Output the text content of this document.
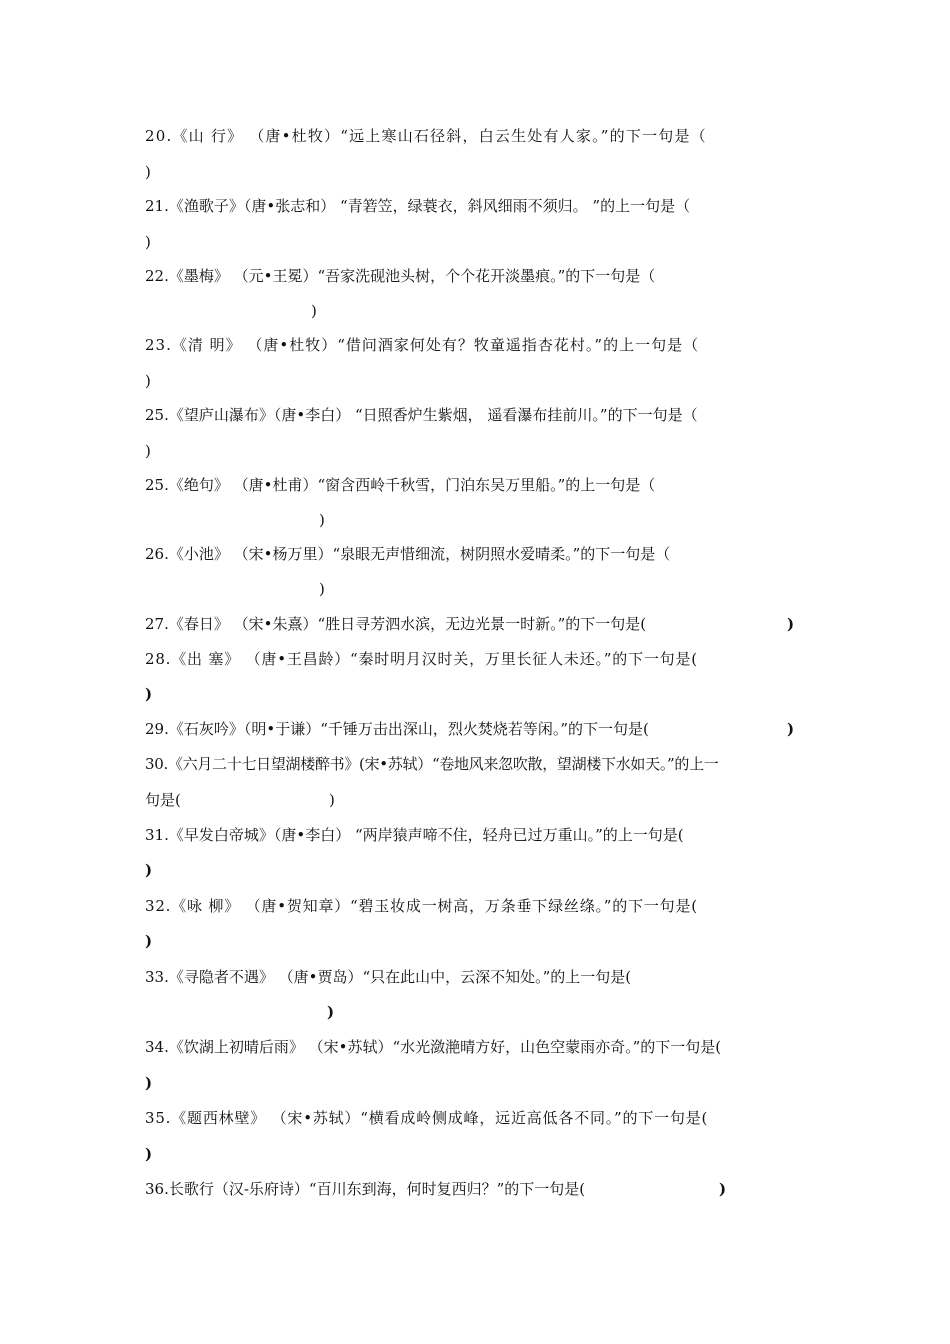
20.《山 行》 （唐•杜牧）“远上寒山石径斜，白云生处有人家。”的下一句是（
)
21.《渔歌子》（唐•张志和） “青箬笠，绿蓑衣，斜风细雨不须归。 ”的上一句是（
)
22.《墨梅》 （元•王冕）“吾家洗砚池头树，个个花开淡墨痕。”的下一句是（
)
23.《清 明》 （唐•杜牧）“借问酒家何处有？牧童遥指杏花村。”的上一句是（
)
25.《望庐山瀑布》（唐•李白） “日照香炉生紫烟， 遥看瀑布挂前川。”的下一句是（
)
25.《绝句》 （唐•杜甫）“窗含西岭千秋雪，门泊东吴万里船。”的上一句是（
)
26.《小池》 （宋•杨万里）“泉眼无声惜细流，树阴照水爱晴柔。”的下一句是（
)
27.《春日》 （宋•朱熹）“胜日寻芳泗水滨，无边光景一时新。”的下一句是(	)
28.《出 塞》 （唐•王昌龄）“秦时明月汉时关，万里长征人未还。”的下一句是(
)
29.《石灰吟》（明•于谦）“千锤万击出深山，烈火焚烧若等闲。”的下一句是(	)
30.《六月二十七日望湖楼醉书》(宋•苏轼）“卷地风来忽吹散，望湖楼下水如天。”的上一
句是(	)
31.《早发白帝城》（唐•李白） “两岸猿声啼不住，轻舟已过万重山。”的上一句是(
)
32.《咏 柳》 （唐•贺知章）“碧玉妆成一树高，万条垂下绿丝绦。”的下一句是(
)
33.《寻隐者不遇》 （唐•贾岛）“只在此山中，云深不知处。”的上一句是(
)
34.《饮湖上初晴后雨》 （宋•苏轼）“水光潋滟晴方好，山色空蒙雨亦奇。”的下一句是(
)
35.《题西林壁》 （宋•苏轼）“横看成岭侧成峰，远近高低各不同。”的下一句是(
)
36.长歌行（汉-乐府诗）“百川东到海，何时复西归？”的下一句是(	)
